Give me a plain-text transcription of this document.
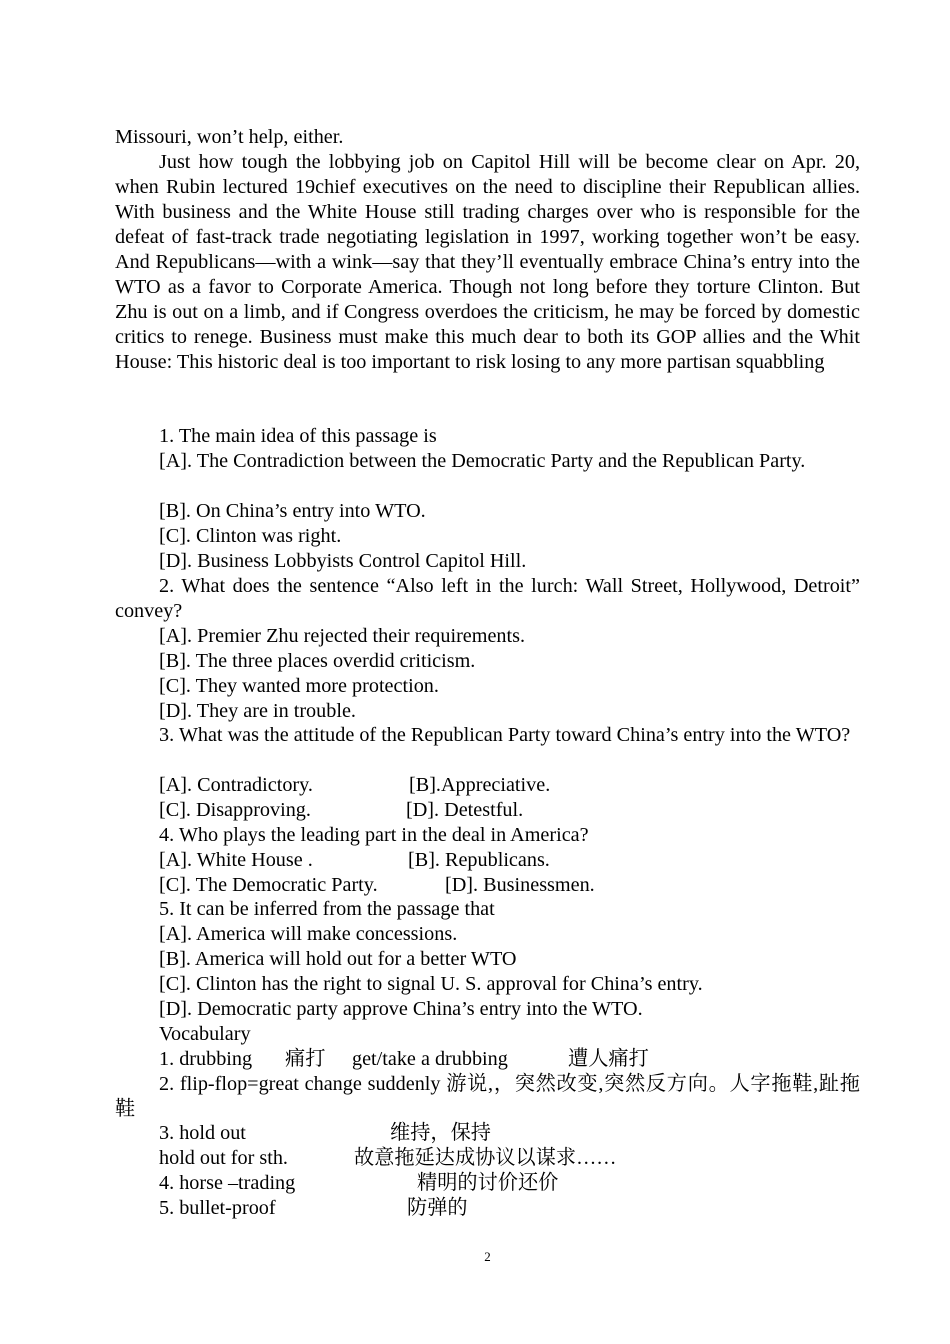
Missouri, won’t help, either.
Just how tough the lobbying job on Capitol Hill will be become clear on Apr. 20, when Rubin lectured 19chief executives on the need to discipline their Republican allies. With business and the White House still trading charges over who is responsible for the defeat of fast-track trade negotiating legislation in 1997, working together won’t be easy. And Republicans—with a wink—say that they’ll eventually embrace China’s entry into the WTO as a favor to Corporate America. Though not long before they torture Clinton. But Zhu is out on a limb, and if Congress overdoes the criticism, he may be forced by domestic critics to renege. Business must make this much dear to both its GOP allies and the Whit House: This historic deal is too important to risk losing to any more partisan squabbling
1. The main idea of this passage is
[A]. The Contradiction between the Democratic Party and the Republican Party.
[B]. On China’s entry into WTO.
[C]. Clinton was right.
[D]. Business Lobbyists Control Capitol Hill.
2. What does the sentence “Also left in the lurch: Wall Street, Hollywood, Detroit” convey?
[A]. Premier Zhu rejected their requirements.
[B]. The three places overdid criticism.
[C]. They wanted more protection.
[D]. They are in trouble.
3. What was the attitude of the Republican Party toward China’s entry into the WTO?
[A]. Contradictory.	[B].Appreciative.
[C]. Disapproving.	[D]. Detestful.
4. Who plays the leading part in the deal in America?
[A]. White House .	[B]. Republicans.
[C]. The Democratic Party.	[D]. Businessmen.
5. It can be inferred from the passage that
[A]. America will make concessions.
[B]. America will hold out for a better WTO
[C]. Clinton has the right to signal U. S. approval for China’s entry.
[D]. Democratic party approve China’s entry into the WTO.
Vocabulary
1. drubbing 痛打 get/take a drubbing	遭人痛打
2. flip-flop=great change suddenly 游说,，突然改变,突然反方向。人字拖鞋,趾拖鞋
3. hold out	维持，保持
hold out for sth.	故意拖延达成协议以谋求……
4. horse –trading	精明的讨价还价
5. bullet-proof	防弹的
2
